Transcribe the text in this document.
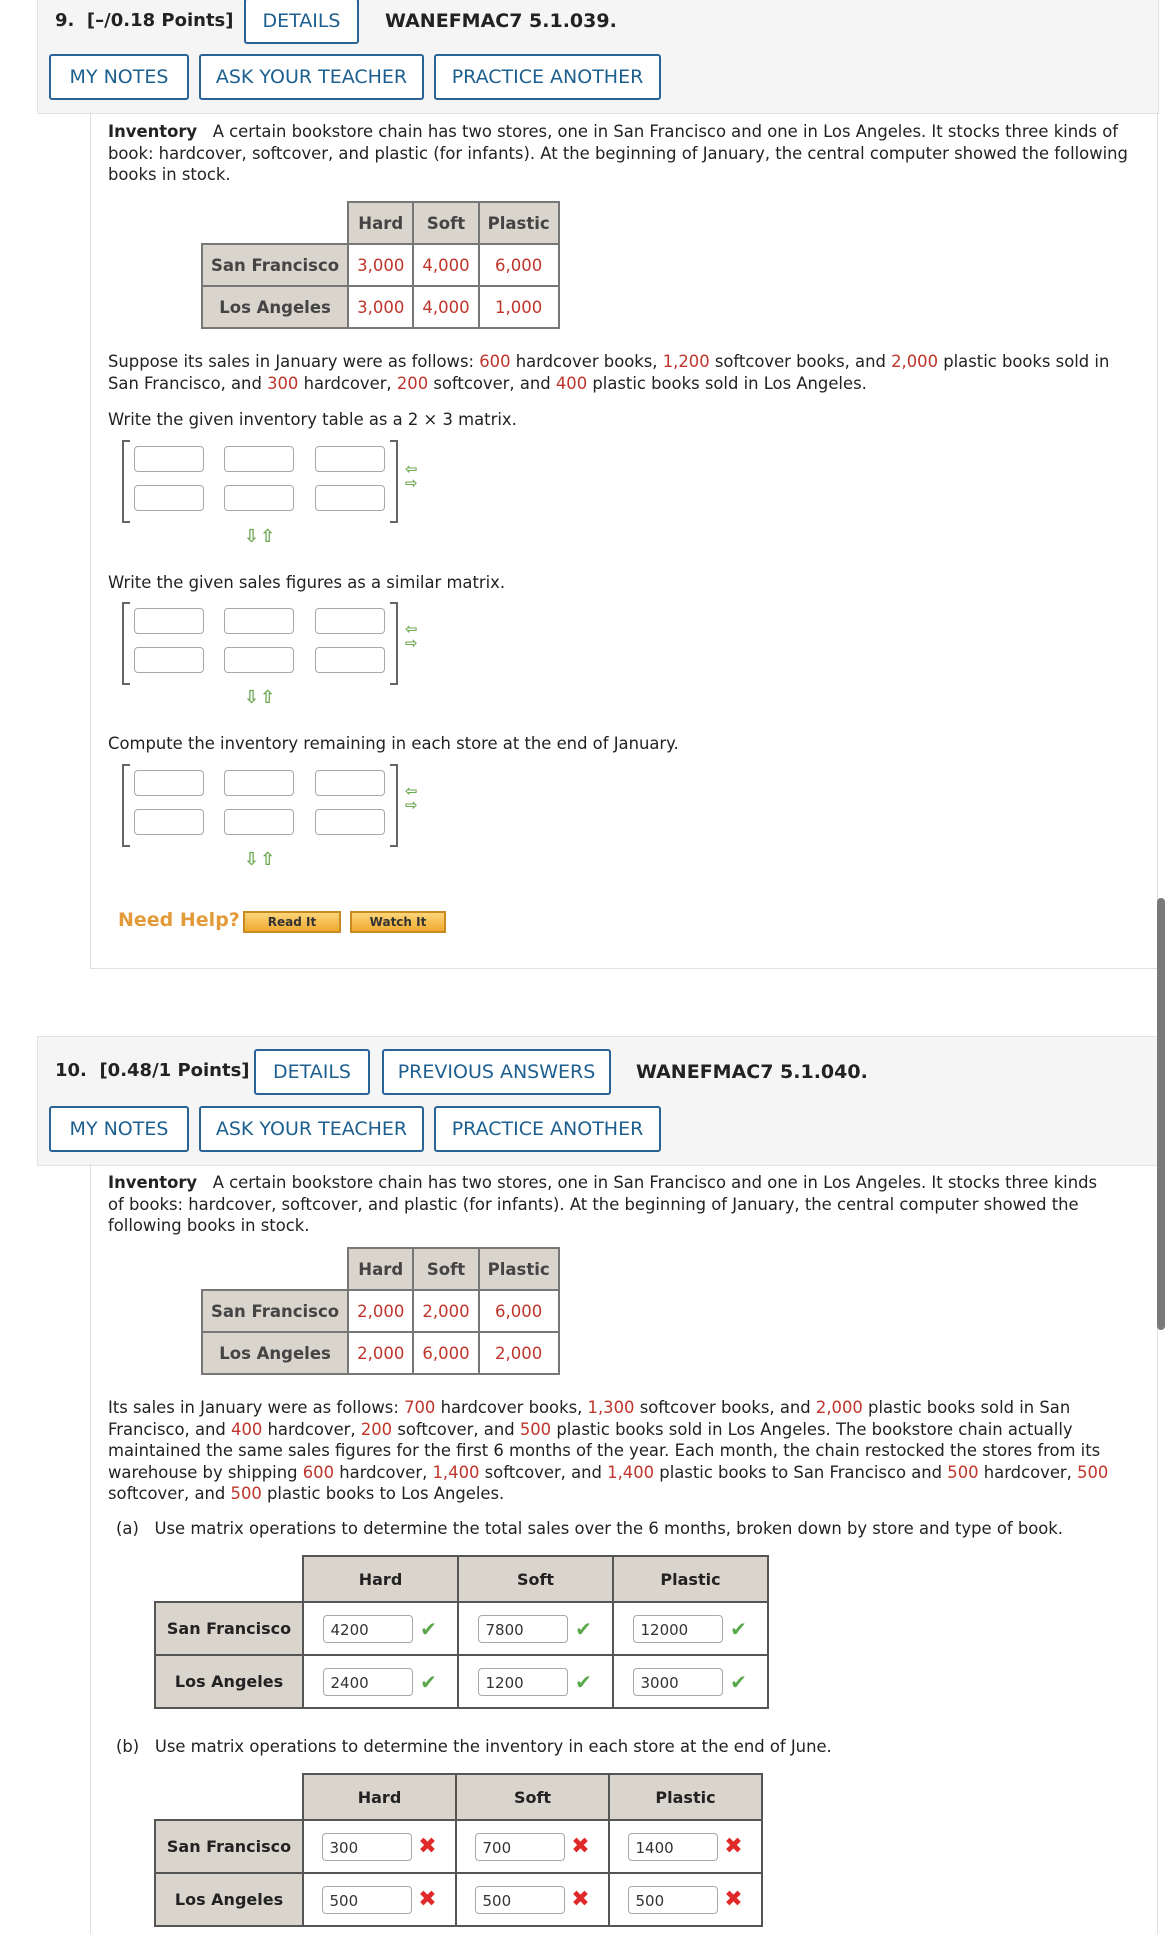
9. [–/0.18 Points]	DETAILS	WANEFMAC7 5.1.039.
MY NOTES	ASK YOUR TEACHER	PRACTICE ANOTHER
Inventory A certain bookstore chain has two stores, one in San Francisco and one in Los Angeles. It stocks three kinds of book: hardcover, softcover, and plastic (for infants). At the beginning of January, the central computer showed the following books in stock.
	Hard	Soft	Plastic
San Francisco	3,000	4,000	6,000
Los Angeles	3,000	4,000	1,000
Suppose its sales in January were as follows: 600 hardcover books, 1,200 softcover books, and 2,000 plastic books sold in San Francisco, and 300 hardcover, 200 softcover, and 400 plastic books sold in Los Angeles.
Write the given inventory table as a 2 × 3 matrix.
⇦
⇨
⇩⇧
Write the given sales figures as a similar matrix.
⇦
⇨
⇩⇧
Compute the inventory remaining in each store at the end of January.
⇦
⇨
⇩⇧
Need Help?	Read It	Watch It
10. [0.48/1 Points]	DETAILS	PREVIOUS ANSWERS	WANEFMAC7 5.1.040.
MY NOTES	ASK YOUR TEACHER	PRACTICE ANOTHER
Inventory A certain bookstore chain has two stores, one in San Francisco and one in Los Angeles. It stocks three kinds of books: hardcover, softcover, and plastic (for infants). At the beginning of January, the central computer showed the following books in stock.
	Hard	Soft	Plastic
San Francisco	2,000	2,000	6,000
Los Angeles	2,000	6,000	2,000
Its sales in January were as follows: 700 hardcover books, 1,300 softcover books, and 2,000 plastic books sold in San Francisco, and 400 hardcover, 200 softcover, and 500 plastic books sold in Los Angeles. The bookstore chain actually maintained the same sales figures for the first 6 months of the year. Each month, the chain restocked the stores from its warehouse by shipping 600 hardcover, 1,400 softcover, and 1,400 plastic books to San Francisco and 500 hardcover, 500 softcover, and 500 plastic books to Los Angeles.
(a) Use matrix operations to determine the total sales over the 6 months, broken down by store and type of book.
	Hard	Soft	Plastic
San Francisco	4200 ✔	7800 ✔	12000 ✔
Los Angeles	2400 ✔	1200 ✔	3000 ✔
(b) Use matrix operations to determine the inventory in each store at the end of June.
	Hard	Soft	Plastic
San Francisco	300 ✖	700 ✖	1400 ✖
Los Angeles	500 ✖	500 ✖	500 ✖
